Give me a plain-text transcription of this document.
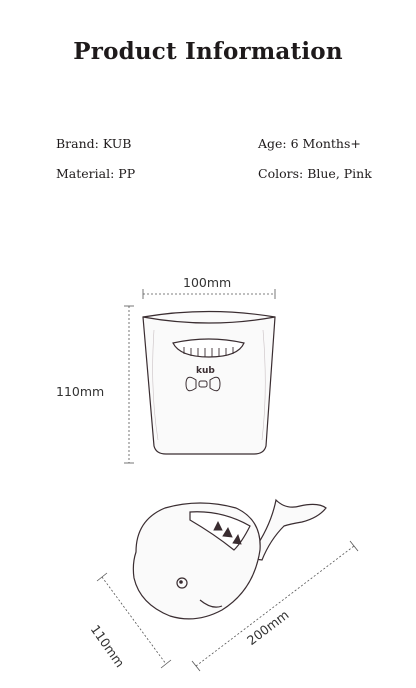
Product Information
Brand: KUB	Age: 6 Months+
Material: PP	Colors: Blue, Pink
kub
100mm
110mm
110mm	200mm
